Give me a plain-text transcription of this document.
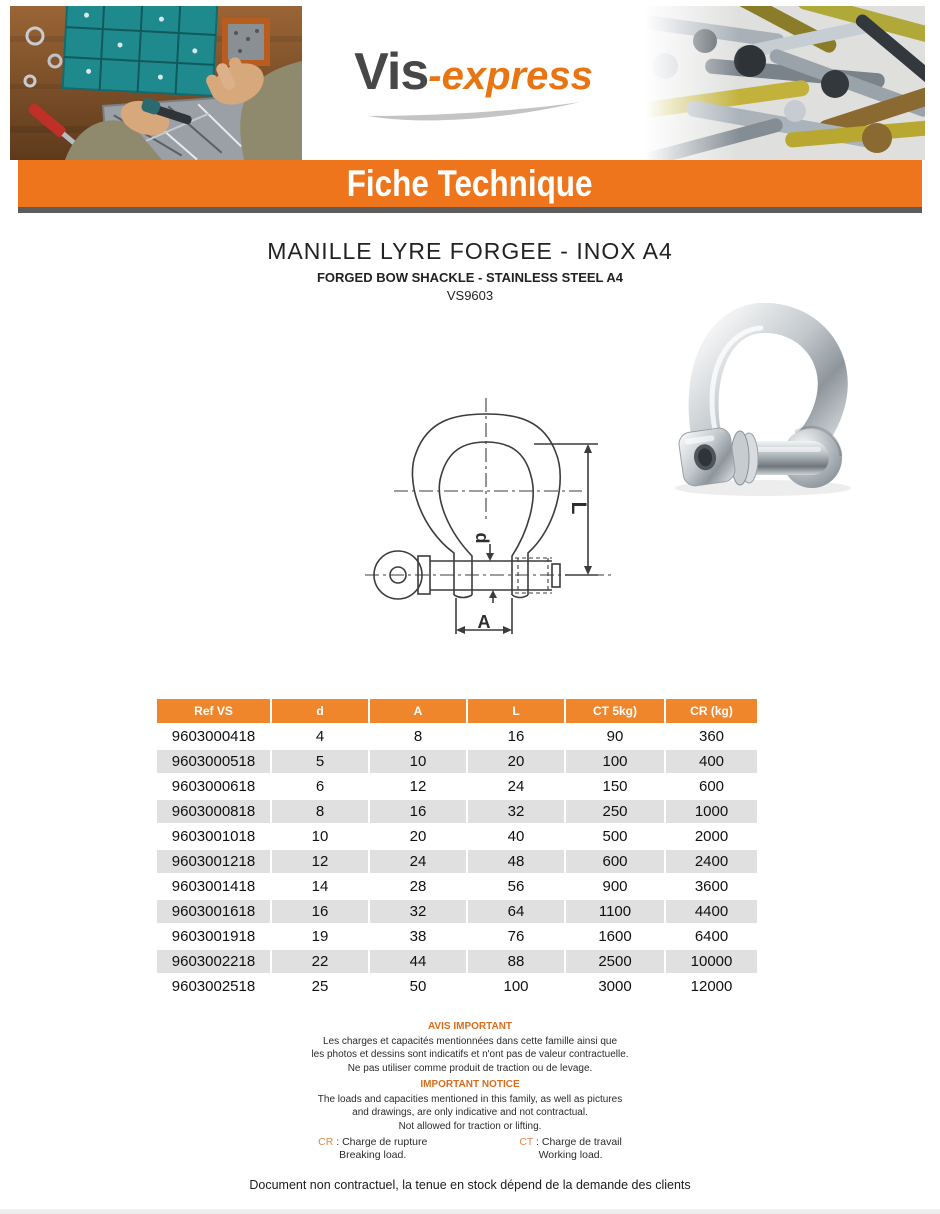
Vis-express
Fiche Technique
MANILLE LYRE FORGEE - INOX A4
FORGED BOW SHACKLE - STAINLESS STEEL A4
VS9603
L
d
A
Ref VS	d	A	L	CT 5kg)	CR (kg)
9603000418	4	8	16	90	360
9603000518	5	10	20	100	400
9603000618	6	12	24	150	600
9603000818	8	16	32	250	1000
9603001018	10	20	40	500	2000
9603001218	12	24	48	600	2400
9603001418	14	28	56	900	3600
9603001618	16	32	64	1100	4400
9603001918	19	38	76	1600	6400
9603002218	22	44	88	2500	10000
9603002518	25	50	100	3000	12000
AVIS IMPORTANT
Les charges et capacités mentionnées dans cette famille ainsi que
les photos et dessins sont indicatifs et n'ont pas de valeur contractuelle.
Ne pas utiliser comme produit de traction ou de levage.
IMPORTANT NOTICE
The loads and capacities mentioned in this family, as well as pictures
and drawings, are only indicative and not contractual.
Not allowed for traction or lifting.
CR : Charge de rupture
Breaking load.
CT : Charge de travail
Working load.
Document non contractuel, la tenue en stock dépend de la demande des clients
